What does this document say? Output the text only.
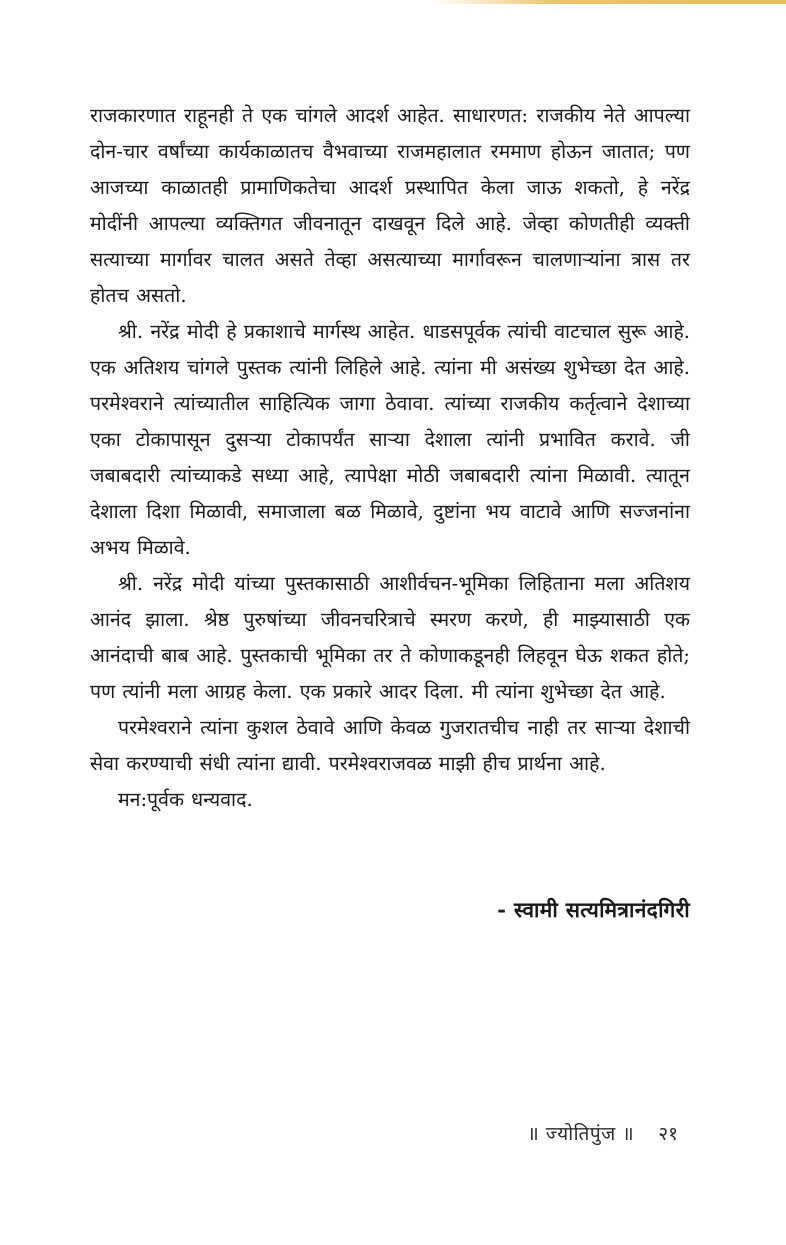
राजकारणात राहूनही ते एक चांगले आदर्श आहेत. साधारणत: राजकीय नेते आपल्या दोन-चार वर्षांच्या कार्यकाळातच वैभवाच्या राजमहालात रममाण होऊन जातात; पण आजच्या काळातही प्रामाणिकतेचा आदर्श प्रस्थापित केला जाऊ शकतो, हे नरेंद्र मोदींनी आपल्या व्यक्तिगत जीवनातून दाखवून दिले आहे. जेव्हा कोणतीही व्यक्ती सत्याच्या मार्गावर चालत असते तेव्हा असत्याच्या मार्गावरून चालणाऱ्यांना त्रास तर होतच असतो.

श्री. नरेंद्र मोदी हे प्रकाशाचे मार्गस्थ आहेत. धाडसपूर्वक त्यांची वाटचाल सुरू आहे. एक अतिशय चांगले पुस्तक त्यांनी लिहिले आहे. त्यांना मी असंख्य शुभेच्छा देत आहे. परमेश्वराने त्यांच्यातील साहित्यिक जागा ठेवावा. त्यांच्या राजकीय कर्तृत्वाने देशाच्या एका टोकापासून दुसऱ्या टोकापर्यंत साऱ्या देशाला त्यांनी प्रभावित करावे. जी जबाबदारी त्यांच्याकडे सध्या आहे, त्यापेक्षा मोठी जबाबदारी त्यांना मिळावी. त्यातून देशाला दिशा मिळावी, समाजाला बळ मिळावे, दुष्टांना भय वाटावे आणि सज्जनांना अभय मिळावे.

श्री. नरेंद्र मोदी यांच्या पुस्तकासाठी आशीर्वचन-भूमिका लिहिताना मला अतिशय आनंद झाला. श्रेष्ठ पुरुषांच्या जीवनचरित्राचे स्मरण करणे, ही माझ्यासाठी एक आनंदाची बाब आहे. पुस्तकाची भूमिका तर ते कोणाकडूनही लिहवून घेऊ शकत होते; पण त्यांनी मला आग्रह केला. एक प्रकारे आदर दिला. मी त्यांना शुभेच्छा देत आहे.

परमेश्वराने त्यांना कुशल ठेवावे आणि केवळ गुजरातचीच नाही तर साऱ्या देशाची सेवा करण्याची संधी त्यांना द्यावी. परमेश्वराजवळ माझी हीच प्रार्थना आहे.

मन:पूर्वक धन्यवाद.

- स्वामी सत्यमित्रानंदगिरी
॥ ज्योतिपुंज ॥ २१
